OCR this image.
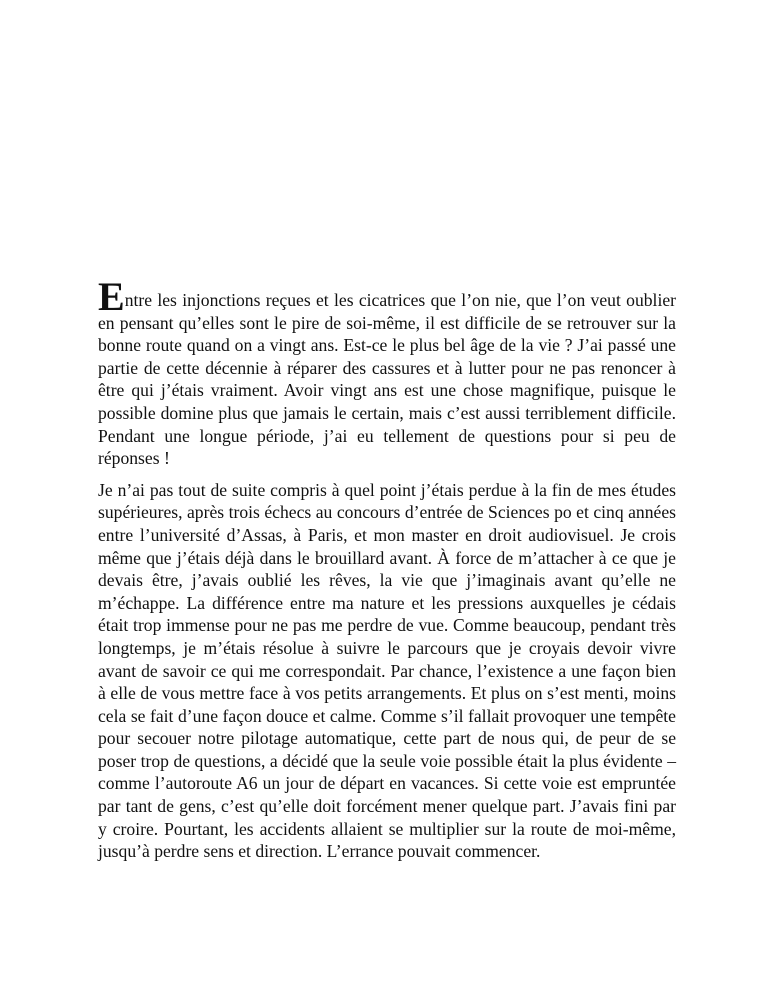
Entre les injonctions reçues et les cicatrices que l’on nie, que l’on veut oublier en pensant qu’elles sont le pire de soi-même, il est difficile de se retrouver sur la bonne route quand on a vingt ans. Est-ce le plus bel âge de la vie ? J’ai passé une partie de cette décennie à réparer des cassures et à lutter pour ne pas renoncer à être qui j’étais vraiment. Avoir vingt ans est une chose magnifique, puisque le possible domine plus que jamais le certain, mais c’est aussi terriblement difficile. Pendant une longue période, j’ai eu tellement de questions pour si peu de réponses !

Je n’ai pas tout de suite compris à quel point j’étais perdue à la fin de mes études supérieures, après trois échecs au concours d’entrée de Sciences po et cinq années entre l’université d’Assas, à Paris, et mon master en droit audiovisuel. Je crois même que j’étais déjà dans le brouillard avant. À force de m’attacher à ce que je devais être, j’avais oublié les rêves, la vie que j’imaginais avant qu’elle ne m’échappe. La différence entre ma nature et les pressions auxquelles je cédais était trop immense pour ne pas me perdre de vue. Comme beaucoup, pendant très longtemps, je m’étais résolue à suivre le parcours que je croyais devoir vivre avant de savoir ce qui me correspondait. Par chance, l’existence a une façon bien à elle de vous mettre face à vos petits arrangements. Et plus on s’est menti, moins cela se fait d’une façon douce et calme. Comme s’il fallait provoquer une tempête pour secouer notre pilotage automatique, cette part de nous qui, de peur de se poser trop de questions, a décidé que la seule voie possible était la plus évidente – comme l’autoroute A6 un jour de départ en vacances. Si cette voie est empruntée par tant de gens, c’est qu’elle doit forcément mener quelque part. J’avais fini par y croire. Pourtant, les accidents allaient se multiplier sur la route de moi-même, jusqu’à perdre sens et direction. L’errance pouvait commencer.
